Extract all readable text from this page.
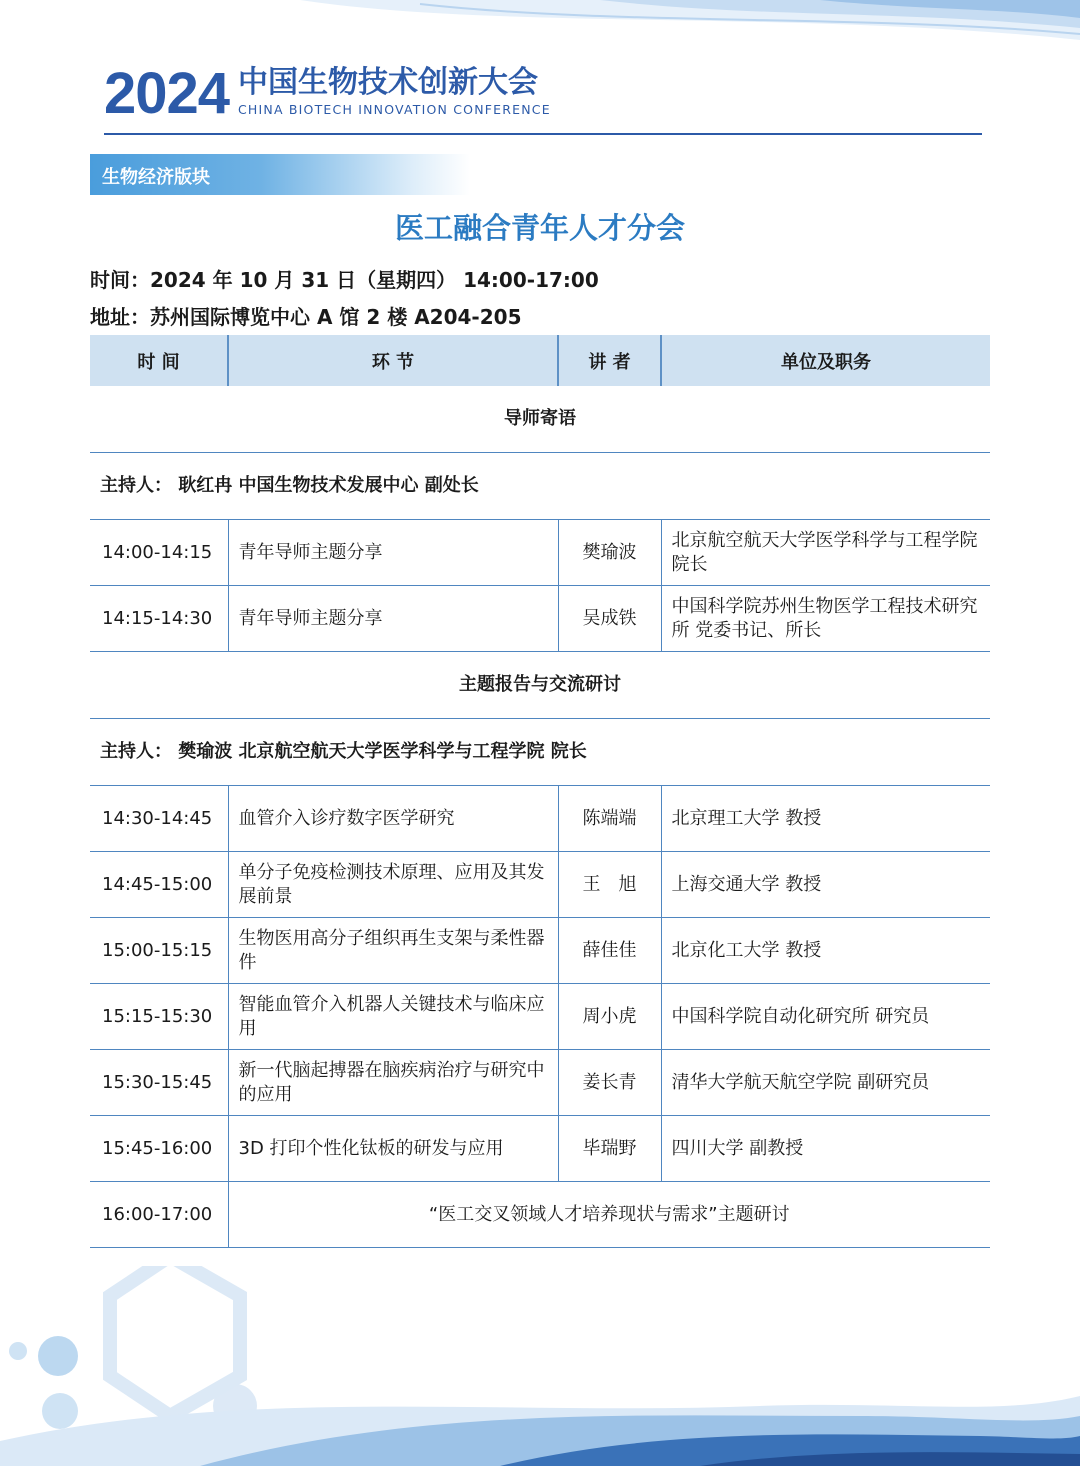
2024 中国生物技术创新大会
CHINA BIOTECH INNOVATION CONFERENCE
生物经济版块
医工融合青年人才分会
时间：2024 年 10 月 31 日（星期四） 14:00-17:00
地址：苏州国际博览中心 A 馆 2 楼 A204-205
时 间	环 节	讲 者	单位及职务
导师寄语			
主持人： 耿红冉 中国生物技术发展中心 副处长			
14:00-14:15	青年导师主题分享	樊瑜波	北京航空航天大学医学科学与工程学院 院长
14:15-14:30	青年导师主题分享	吴成铁	中国科学院苏州生物医学工程技术研究所 党委书记、所长
主题报告与交流研讨			
主持人： 樊瑜波 北京航空航天大学医学科学与工程学院 院长			
14:30-14:45	血管介入诊疗数字医学研究	陈端端	北京理工大学 教授
14:45-15:00	单分子免疫检测技术原理、应用及其发展前景	王　旭	上海交通大学 教授
15:00-15:15	生物医用高分子组织再生支架与柔性器件	薛佳佳	北京化工大学 教授
15:15-15:30	智能血管介入机器人关键技术与临床应用	周小虎	中国科学院自动化研究所 研究员
15:30-15:45	新一代脑起搏器在脑疾病治疗与研究中的应用	姜长青	清华大学航天航空学院 副研究员
15:45-16:00	3D 打印个性化钛板的研发与应用	毕瑞野	四川大学 副教授
16:00-17:00	“医工交叉领域人才培养现状与需求”主题研讨		
